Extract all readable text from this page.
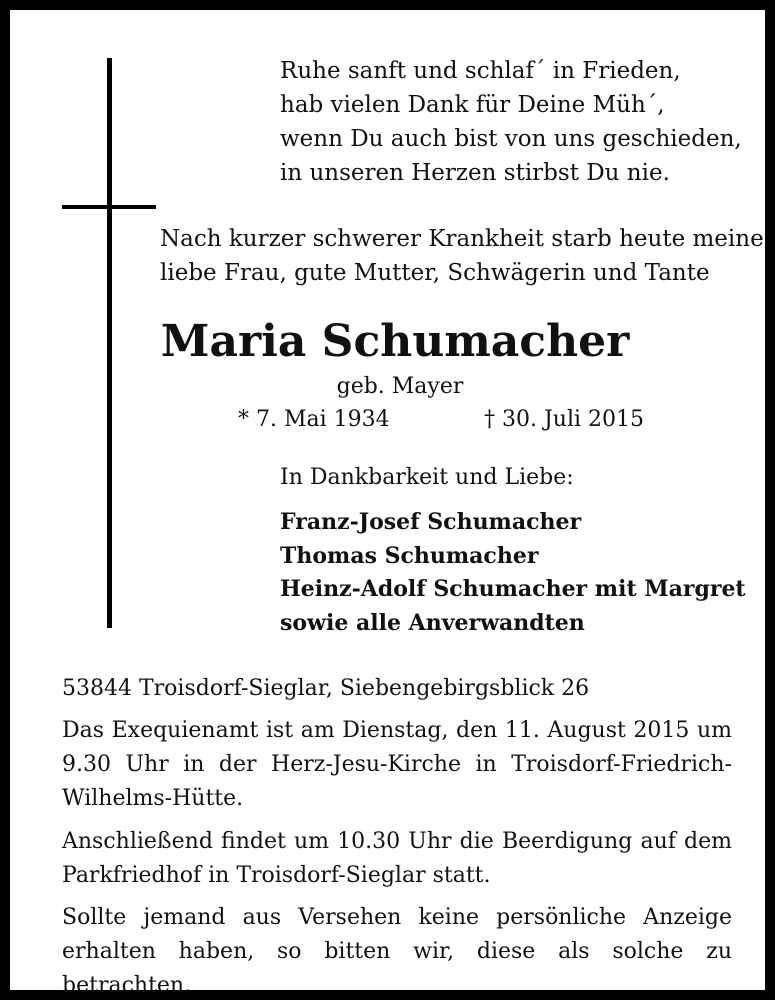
Ruhe sanft und schlaf´ in Frieden,
hab vielen Dank für Deine Müh´,
wenn Du auch bist von uns geschieden,
in unseren Herzen stirbst Du nie.
Nach kurzer schwerer Krankheit starb heute meine
liebe Frau, gute Mutter, Schwägerin und Tante
Maria Schumacher
geb. Mayer
* 7. Mai 1934	† 30. Juli 2015
In Dankbarkeit und Liebe:
Franz-Josef Schumacher
Thomas Schumacher
Heinz-Adolf Schumacher mit Margret
sowie alle Anverwandten
53844 Troisdorf-Sieglar, Siebengebirgsblick 26
Das Exequienamt ist am Dienstag, den 11. August 2015 um 9.30 Uhr in der Herz-Jesu-Kirche in Troisdorf-Friedrich-Wilhelms-Hütte.
Anschließend findet um 10.30 Uhr die Beerdigung auf dem Parkfriedhof in Troisdorf-Sieglar statt.
Sollte jemand aus Versehen keine persönliche Anzeige erhalten haben, so bitten wir, diese als solche zu betrachten.
